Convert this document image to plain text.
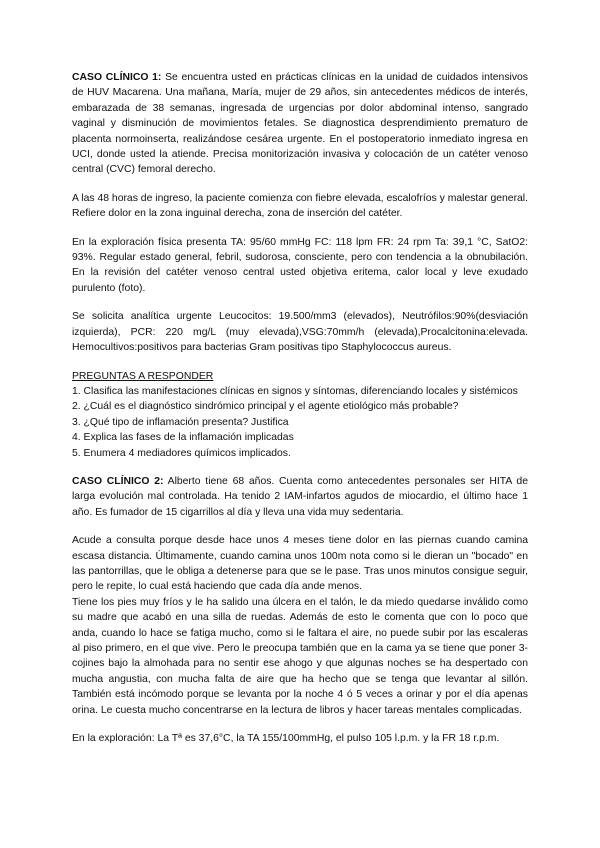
CASO CLÍNICO 1: Se encuentra usted en prácticas clínicas en la unidad de cuidados intensivos de HUV Macarena. Una mañana, María, mujer de 29 años, sin antecedentes médicos de interés, embarazada de 38 semanas, ingresada de urgencias por dolor abdominal intenso, sangrado vaginal y disminución de movimientos fetales. Se diagnostica desprendimiento prematuro de placenta normoinserta, realizándose cesárea urgente. En el postoperatorio inmediato ingresa en UCI, donde usted la atiende. Precisa monitorización invasiva y colocación de un catéter venoso central (CVC) femoral derecho.

A las 48 horas de ingreso, la paciente comienza con fiebre elevada, escalofríos y malestar general. Refiere dolor en la zona inguinal derecha, zona de inserción del catéter.

En la exploración física presenta TA: 95/60 mmHg FC: 118 lpm FR: 24 rpm Ta: 39,1 °C, SatO2: 93%. Regular estado general, febril, sudorosa, consciente, pero con tendencia a la obnubilación. En la revisión del catéter venoso central usted objetiva eritema, calor local y leve exudado purulento (foto).

Se solicita analítica urgente Leucocitos: 19.500/mm3 (elevados), Neutrófilos:90%(desviación izquierda), PCR: 220 mg/L (muy elevada),VSG:70mm/h (elevada),Procalcitonina:elevada. Hemocultivos:positivos para bacterias Gram positivas tipo Staphylococcus aureus.

PREGUNTAS A RESPONDER

1. Clasifica las manifestaciones clínicas en signos y síntomas, diferenciando locales y sistémicos
2. ¿Cuál es el diagnóstico sindrómico principal y el agente etiológico más probable?
3. ¿Qué tipo de inflamación presenta? Justifica
4. Explica las fases de la inflamación implicadas
5. Enumera 4 mediadores químicos implicados.

CASO CLÍNICO 2: Alberto tiene 68 años. Cuenta como antecedentes personales ser HITA de larga evolución mal controlada. Ha tenido 2 IAM-infartos agudos de miocardio, el último hace 1 año. Es fumador de 15 cigarrillos al día y lleva una vida muy sedentaria.

Acude a consulta porque desde hace unos 4 meses tiene dolor en las piernas cuando camina escasa distancia. Últimamente, cuando camina unos 100m nota como si le dieran un "bocado" en las pantorrillas, que le obliga a detenerse para que se le pase. Tras unos minutos consigue seguir, pero le repite, lo cual está haciendo que cada día ande menos.

Tiene los pies muy fríos y le ha salido una úlcera en el talón, le da miedo quedarse inválido como su madre que acabó en una silla de ruedas. Además de esto le comenta que con lo poco que anda, cuando lo hace se fatiga mucho, como si le faltara el aire, no puede subir por las escaleras al piso primero, en el que vive. Pero le preocupa también que en la cama ya se tiene que poner 3-cojines bajo la almohada para no sentir ese ahogo y que algunas noches se ha despertado con mucha angustia, con mucha falta de aire que ha hecho que se tenga que levantar al sillón. También está incómodo porque se levanta por la noche 4 ó 5 veces a orinar y por el día apenas orina. Le cuesta mucho concentrarse en la lectura de libros y hacer tareas mentales complicadas.

En la exploración: La Tª es 37,6°C, la TA 155/100mmHg, el pulso 105 l.p.m. y la FR 18 r.p.m.
